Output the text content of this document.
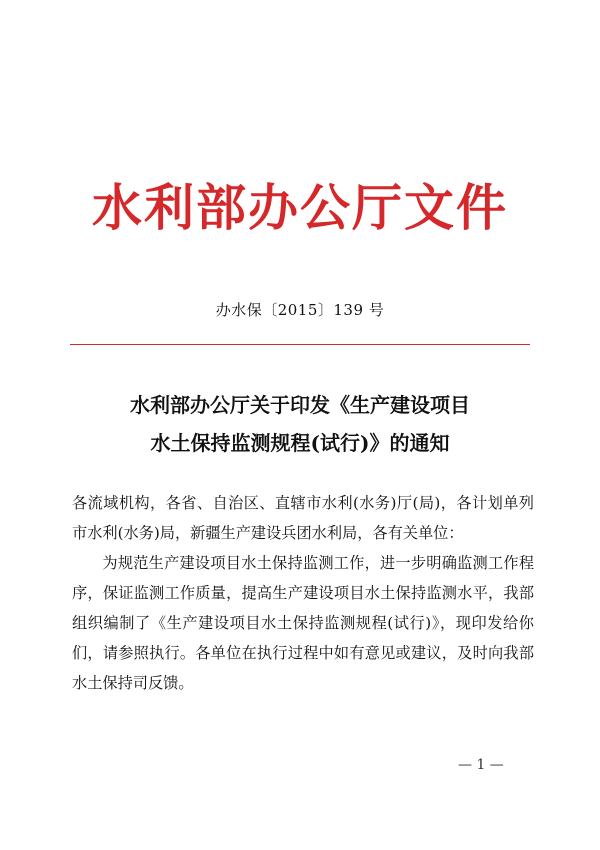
水利部办公厅文件
办水保〔2015〕139 号
水利部办公厅关于印发《生产建设项目
水土保持监测规程(试行)》的通知

各流域机构，各省、自治区、直辖市水利(水务)厅(局)，各计划单列市水利(水务)局，新疆生产建设兵团水利局，各有关单位：

为规范生产建设项目水土保持监测工作，进一步明确监测工作程序，保证监测工作质量，提高生产建设项目水土保持监测水平，我部组织编制了《生产建设项目水土保持监测规程(试行)》，现印发给你们，请参照执行。各单位在执行过程中如有意见或建议，及时向我部水土保持司反馈。

— 1 —
